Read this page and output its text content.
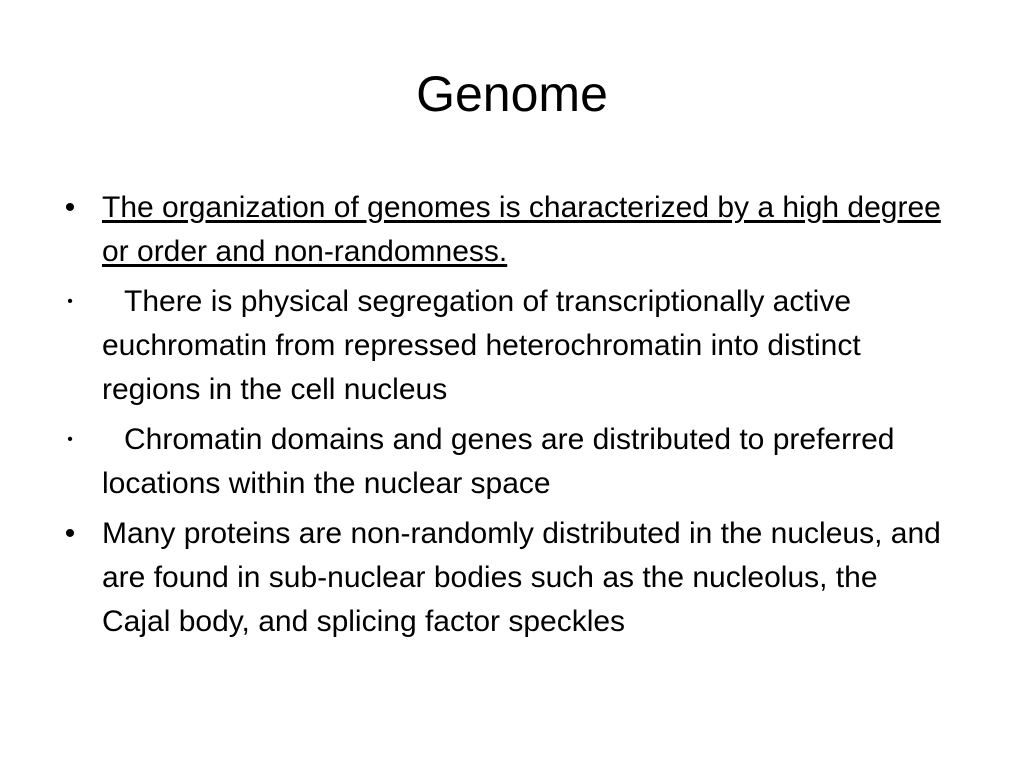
Genome
• The organization of genomes is characterized by a high degree or order and non-randomness.
•	There is physical segregation of transcriptionally active euchromatin from repressed heterochromatin into distinct regions in the cell nucleus
•	Chromatin domains and genes are distributed to preferred locations within the nuclear space
• Many proteins are non-randomly distributed in the nucleus, and are found in sub-nuclear bodies such as the nucleolus, the Cajal body, and splicing factor speckles
